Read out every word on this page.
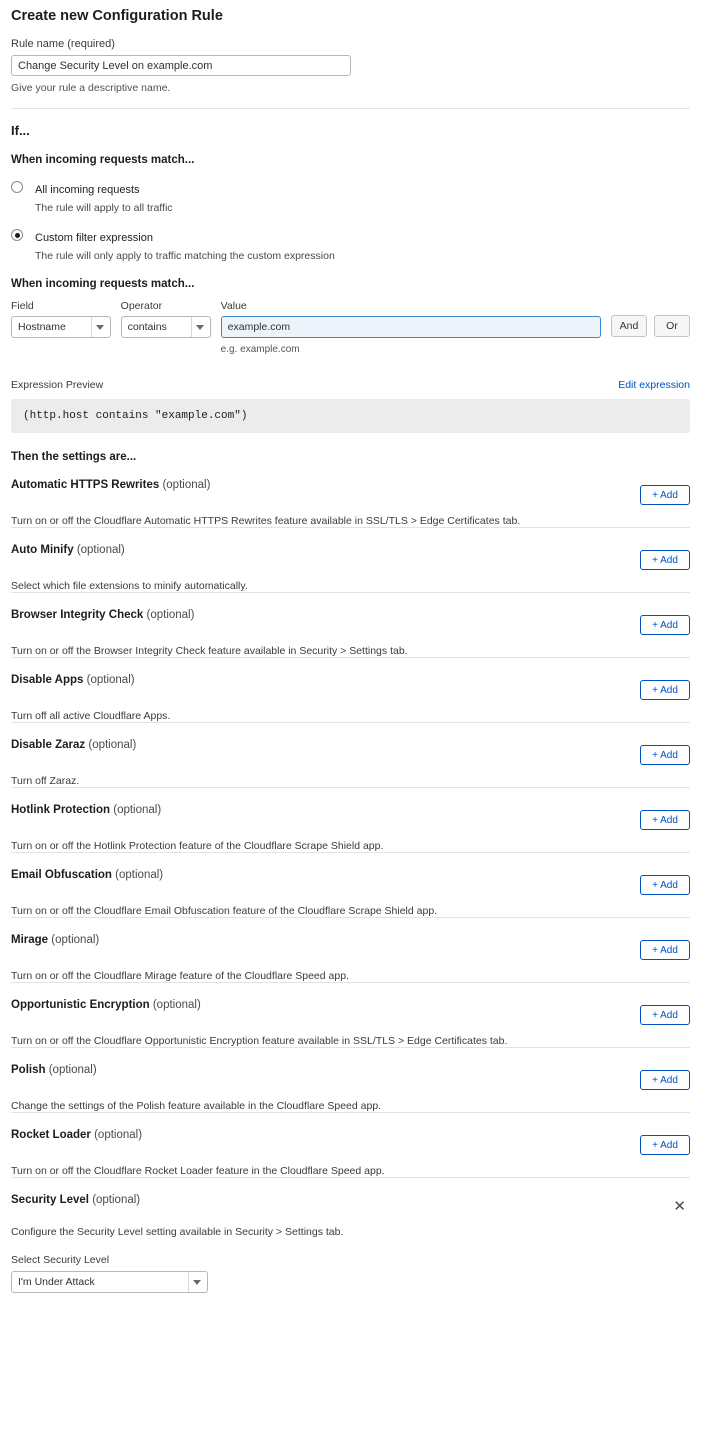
Create new Configuration Rule
Rule name (required)
Change Security Level on example.com
Give your rule a descriptive name.
If...
When incoming requests match...
All incoming requests
The rule will apply to all traffic
Custom filter expression
The rule will only apply to traffic matching the custom expression
When incoming requests match...
Field
Hostname
Operator
contains
Value
example.com
e.g. example.com
And	Or
Expression Preview	Edit expression
(http.host contains "example.com")
Then the settings are...
Automatic HTTPS Rewrites (optional)
+ Add
Turn on or off the Cloudflare Automatic HTTPS Rewrites feature available in SSL/TLS > Edge Certificates tab.
Auto Minify (optional)
+ Add
Select which file extensions to minify automatically.
Browser Integrity Check (optional)
+ Add
Turn on or off the Browser Integrity Check feature available in Security > Settings tab.
Disable Apps (optional)
+ Add
Turn off all active Cloudflare Apps.
Disable Zaraz (optional)
+ Add
Turn off Zaraz.
Hotlink Protection (optional)
+ Add
Turn on or off the Hotlink Protection feature of the Cloudflare Scrape Shield app.
Email Obfuscation (optional)
+ Add
Turn on or off the Cloudflare Email Obfuscation feature of the Cloudflare Scrape Shield app.
Mirage (optional)
+ Add
Turn on or off the Cloudflare Mirage feature of the Cloudflare Speed app.
Opportunistic Encryption (optional)
+ Add
Turn on or off the Cloudflare Opportunistic Encryption feature available in SSL/TLS > Edge Certificates tab.
Polish (optional)
+ Add
Change the settings of the Polish feature available in the Cloudflare Speed app.
Rocket Loader (optional)
+ Add
Turn on or off the Cloudflare Rocket Loader feature in the Cloudflare Speed app.
Security Level (optional)	✕
Configure the Security Level setting available in Security > Settings tab.
Select Security Level
I'm Under Attack
